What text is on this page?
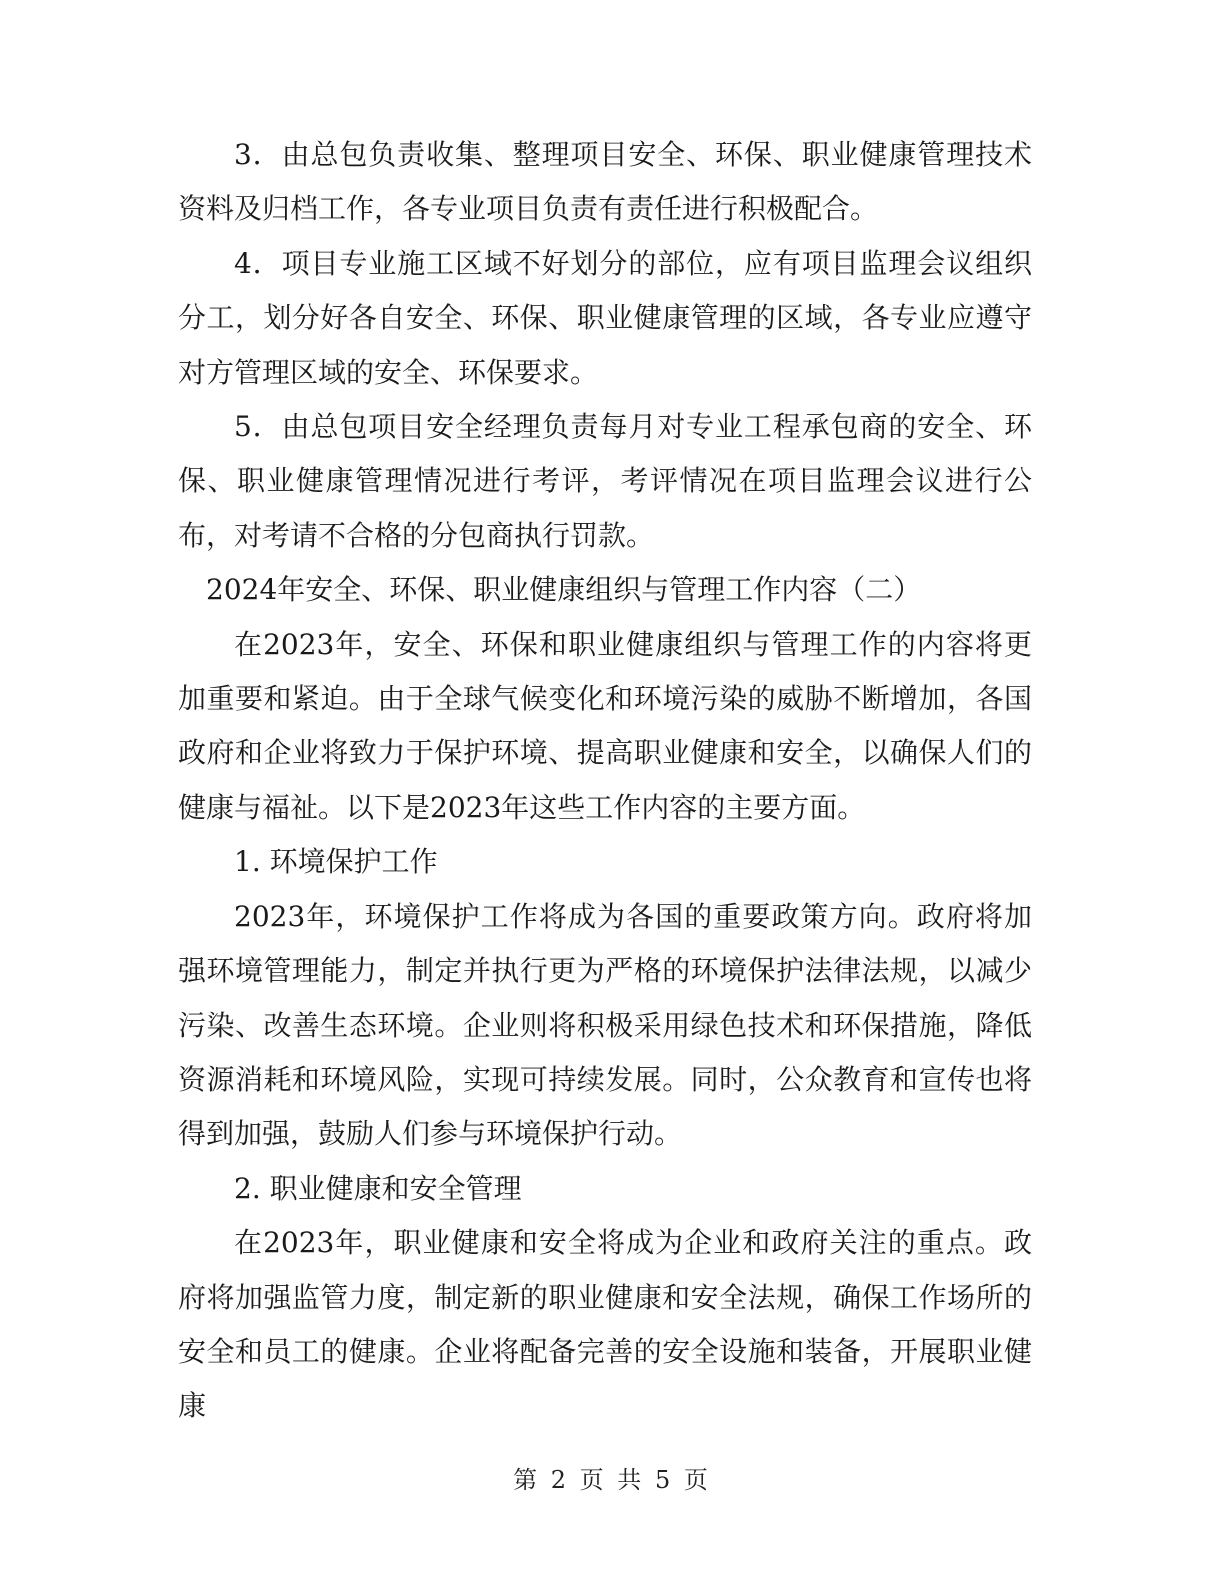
3．由总包负责收集、整理项目安全、环保、职业健康管理技术资料及归档工作，各专业项目负责有责任进行积极配合。

4．项目专业施工区域不好划分的部位，应有项目监理会议组织分工，划分好各自安全、环保、职业健康管理的区域，各专业应遵守对方管理区域的安全、环保要求。

5．由总包项目安全经理负责每月对专业工程承包商的安全、环保、职业健康管理情况进行考评，考评情况在项目监理会议进行公布，对考请不合格的分包商执行罚款。

2024年安全、环保、职业健康组织与管理工作内容（二）

在2023年，安全、环保和职业健康组织与管理工作的内容将更加重要和紧迫。由于全球气候变化和环境污染的威胁不断增加，各国政府和企业将致力于保护环境、提高职业健康和安全，以确保人们的健康与福祉。以下是2023年这些工作内容的主要方面。

1. 环境保护工作

2023年，环境保护工作将成为各国的重要政策方向。政府将加强环境管理能力，制定并执行更为严格的环境保护法律法规，以减少污染、改善生态环境。企业则将积极采用绿色技术和环保措施，降低资源消耗和环境风险，实现可持续发展。同时，公众教育和宣传也将得到加强，鼓励人们参与环境保护行动。

2. 职业健康和安全管理

在2023年，职业健康和安全将成为企业和政府关注的重点。政府将加强监管力度，制定新的职业健康和安全法规，确保工作场所的安全和员工的健康。企业将配备完善的安全设施和装备，开展职业健康

第 2 页 共 5 页
